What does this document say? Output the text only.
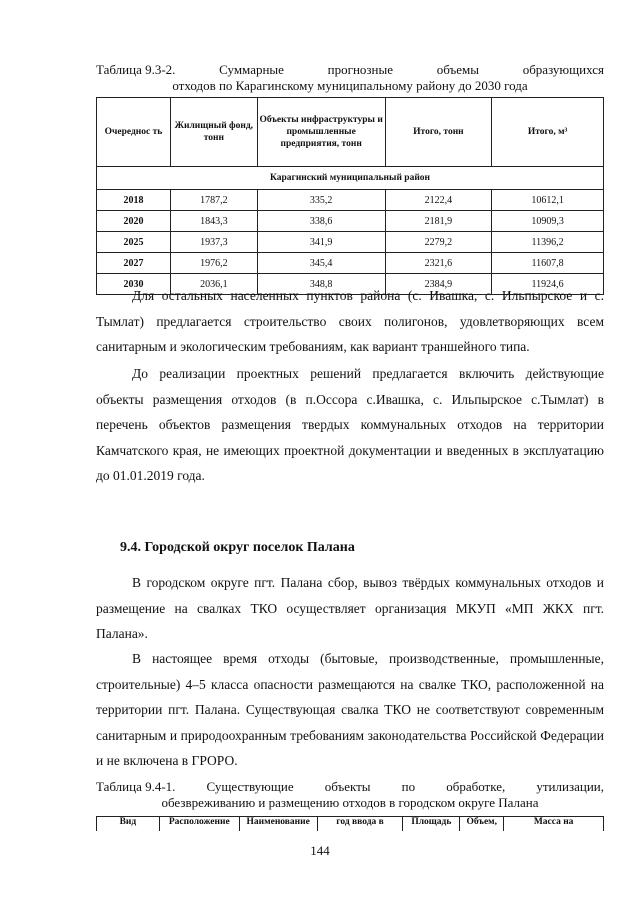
Таблица 9.3-2.	Суммарные	прогнозные	объемы	образующихся
отходов по Карагинскому муниципальному району до 2030 года
Очереднос ть	Жилищный фонд, тонн	Объекты инфраструктуры и промышленные предприятия, тонн	Итого, тонн	Итого, м³
Карагинский муниципальный район				
2018	1787,2	335,2	2122,4	10612,1
2020	1843,3	338,6	2181,9	10909,3
2025	1937,3	341,9	2279,2	11396,2
2027	1976,2	345,4	2321,6	11607,8
2030	2036,1	348,8	2384,9	11924,6
Для остальных населенных пунктов района (с. Ивашка, с. Ильпырское и с. Тымлат) предлагается строительство своих полигонов, удовлетворяющих всем санитарным и экологическим требованиям, как вариант траншейного типа.
До реализации проектных решений предлагается включить действующие объекты размещения отходов (в п.Оссора с.Ивашка, с. Ильпырское с.Тымлат) в перечень объектов размещения твердых коммунальных отходов на территории Камчатского края, не имеющих проектной документации и введенных в эксплуатацию до 01.01.2019 года.
9.4. Городской округ поселок Палана
В городском округе пгт. Палана сбор, вывоз твёрдых коммунальных отходов и размещение на свалках ТКО осуществляет организация МКУП «МП ЖКХ пгт. Палана».
В настоящее время отходы (бытовые, производственные, промышленные, строительные) 4–5 класса опасности размещаются на свалке ТКО, расположенной на территории пгт. Палана. Существующая свалка ТКО не соответствуют современным санитарным и природоохранным требованиям законодательства Российской Федерации и не включена в ГРОРО.
Таблица 9.4-1. Существующие объекты по обработке, утилизации,
обезвреживанию и размещению отходов в городском округе Палана
Вид	Расположение	Наименование	год ввода в	Площадь	Объем,	Масса на
144
